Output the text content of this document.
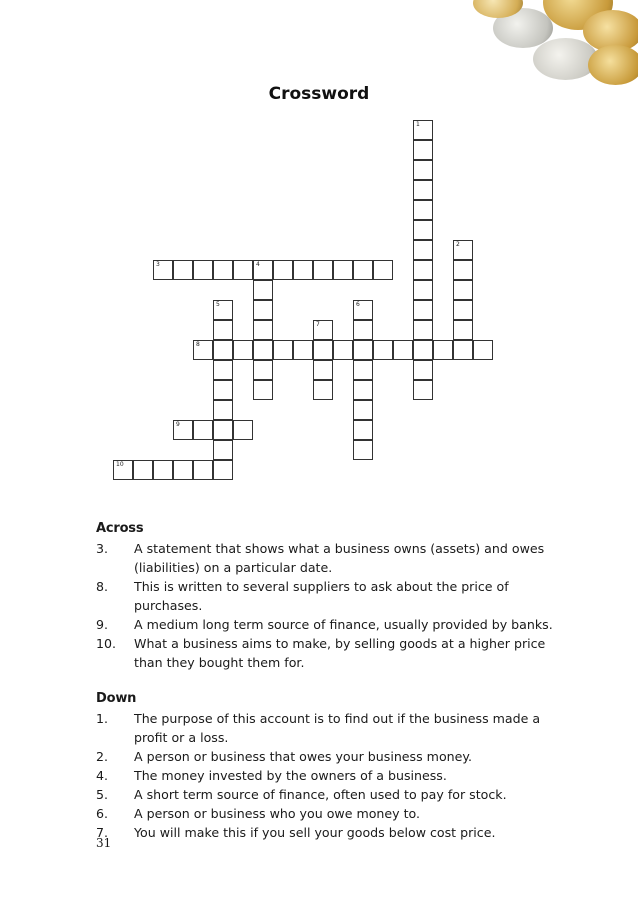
Crossword
1
2
3	4
5	6
7
8
9
10
Across
3.	A statement that shows what a business owns (assets) and owes (liabilities) on a particular date.
8.	This is written to several suppliers to ask about the price of purchases.
9.	A medium long term source of finance, usually provided by banks.
10.	What a business aims to make, by selling goods at a higher price than they bought them for.
Down
1.	The purpose of this account is to find out if the business made a profit or a loss.
2.	A person or business that owes your business money.
4.	The money invested by the owners of a business.
5.	A short term source of finance, often used to pay for stock.
6.	A person or business who you owe money to.
7.	You will make this if you sell your goods below cost price.
31
